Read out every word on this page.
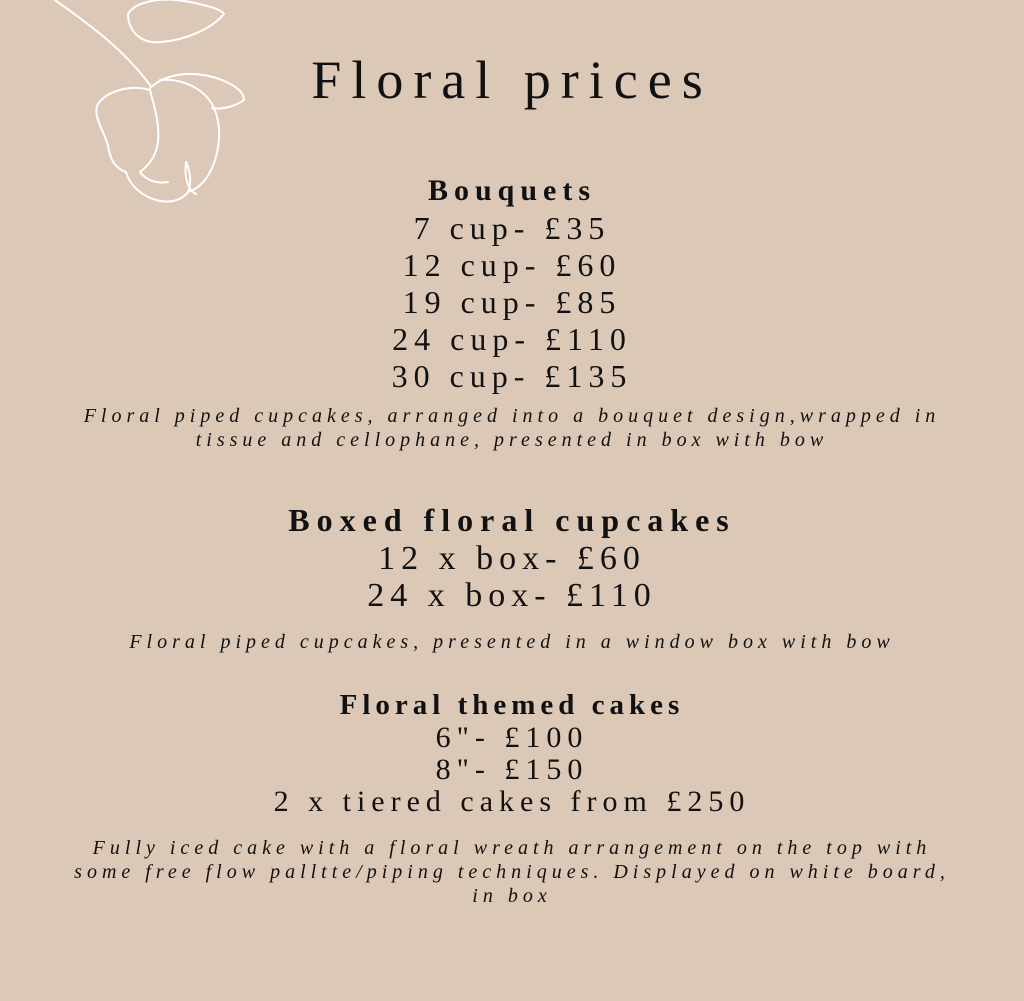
Floral prices
Bouquets
7 cup- £35
12 cup- £60
19 cup- £85
24 cup- £110
30 cup- £135

Floral piped cupcakes, arranged into a bouquet design,wrapped in tissue and cellophane, presented in box with bow

Boxed floral cupcakes
12 x box- £60
24 x box- £110

Floral piped cupcakes, presented in a window box with bow

Floral themed cakes
6"- £100
8"- £150
2 x tiered cakes from £250

Fully iced cake with a floral wreath arrangement on the top with some free flow palltte/piping techniques. Displayed on white board, in box
